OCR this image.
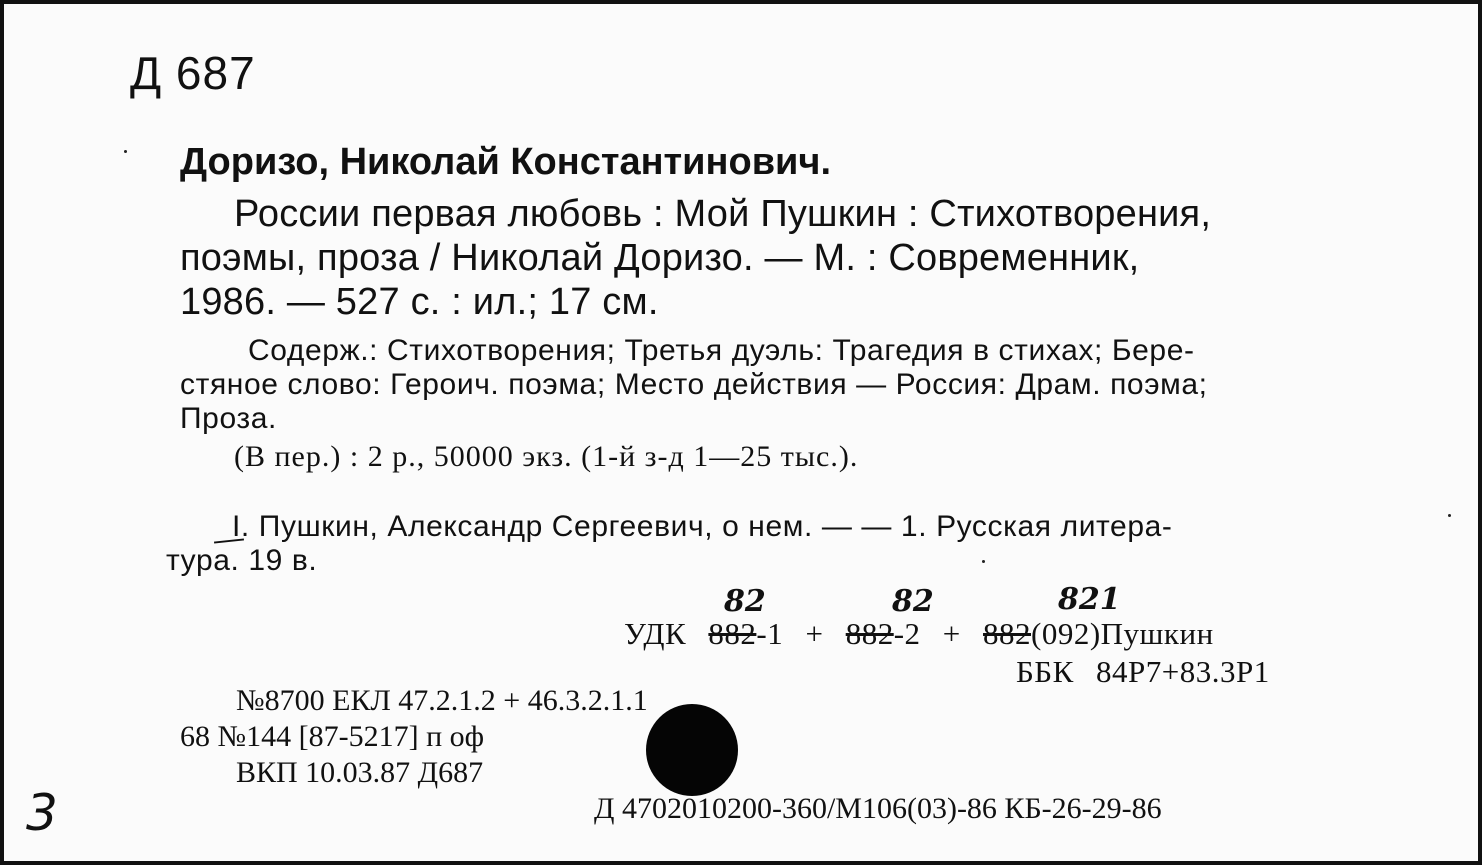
Д 687
Доризо, Николай Константинович.
России первая любовь : Мой Пушкин : Стихотворения,
поэмы, проза / Николай Доризо. — М. : Современник,
1986. — 527 с. : ил.; 17 см.
Содерж.: Стихотворения; Третья дуэль: Трагедия в стихах; Бере-
стяное слово: Героич. поэма; Место действия — Россия: Драм. поэма;
Проза.
(В пер.) : 2 р., 50000 экз. (1-й з-д 1—25 тыс.).
I. Пушкин, Александр Сергеевич, о нем. — — 1. Русская литера-
тура. 19 в.
82	82	821
УДК 882-1 + 882-2 + 882(092)Пушкин
ББК 84Р7+83.3Р1
№8700 ЕКЛ 47.2.1.2 + 46.3.2.1.1
68 №144 [87-5217] п оф
ВКП 10.03.87 Д687
Д 4702010200-360/М106(03)-86 КБ-26-29-86
3
